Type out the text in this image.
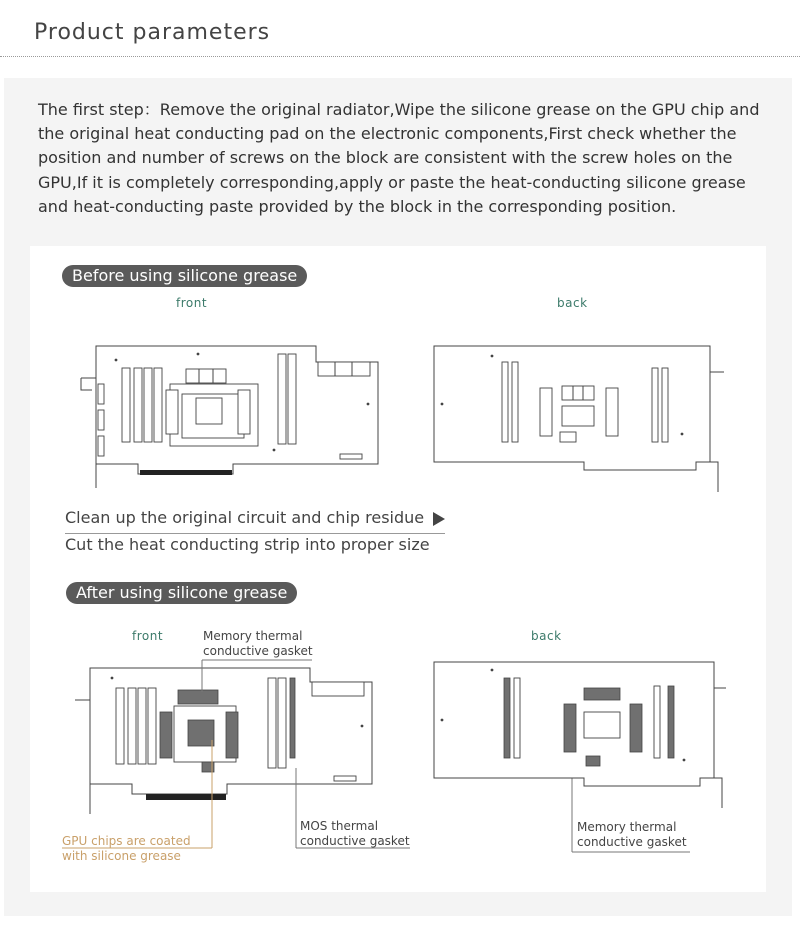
Product parameters
The first step：Remove the original radiator,Wipe the silicone grease on the GPU chip and the original heat conducting pad on the electronic components,First check whether the position and number of screws on the block are consistent with the screw holes on the GPU,If it is completely corresponding,apply or paste the heat-conducting silicone grease and heat-conducting paste provided by the block in the corresponding position.
Before using silicone grease
front	back
Clean up the original circuit and chip residue
Cut the heat conducting strip into proper size
After using silicone grease
front	back
Memory thermal
conductive gasket
GPU chips are coated
with silicone grease
MOS thermal
conductive gasket
Memory thermal
conductive gasket
